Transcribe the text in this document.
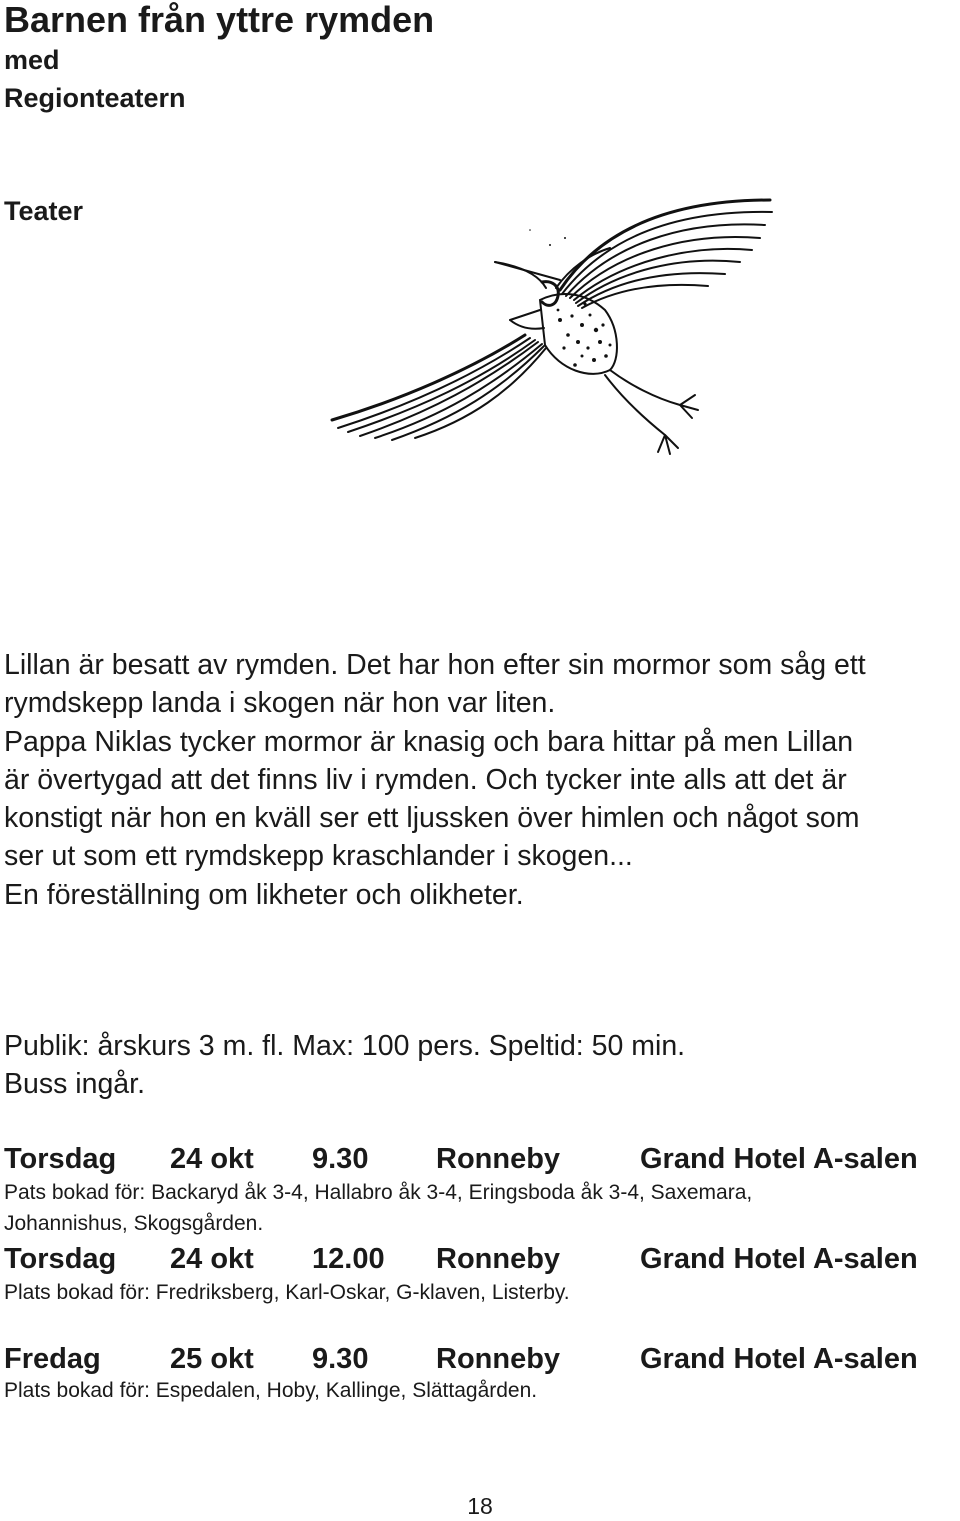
Barnen från yttre rymden
med
Regionteatern
Teater

Lillan är besatt av rymden. Det har hon efter sin mormor som såg ett

rymdskepp landa i skogen när hon var liten.

Pappa Niklas tycker mormor är knasig och bara hittar på men Lillan

är övertygad att det finns liv i rymden. Och tycker inte alls att det är

konstigt när hon en kväll ser ett ljussken över himlen och något som

ser ut som ett rymdskepp kraschlander i skogen...

En föreställning om likheter och olikheter.

Publik: årskurs 3 m. fl. Max: 100 pers. Speltid: 50 min.

Buss ingår.

Torsdag 24 okt 9.30 Ronneby	Grand Hotel A-salen
Pats bokad för: Backaryd åk 3-4, Hallabro åk 3-4, Eringsboda åk 3-4, Saxemara,
Johannishus, Skogsgården.
Torsdag 24 okt 12.00 Ronneby	Grand Hotel A-salen
Plats bokad för: Fredriksberg, Karl-Oskar, G-klaven, Listerby.
Fredag 25 okt 9.30 Ronneby	Grand Hotel A-salen
Plats bokad för: Espedalen, Hoby, Kallinge, Slättagården.
18
